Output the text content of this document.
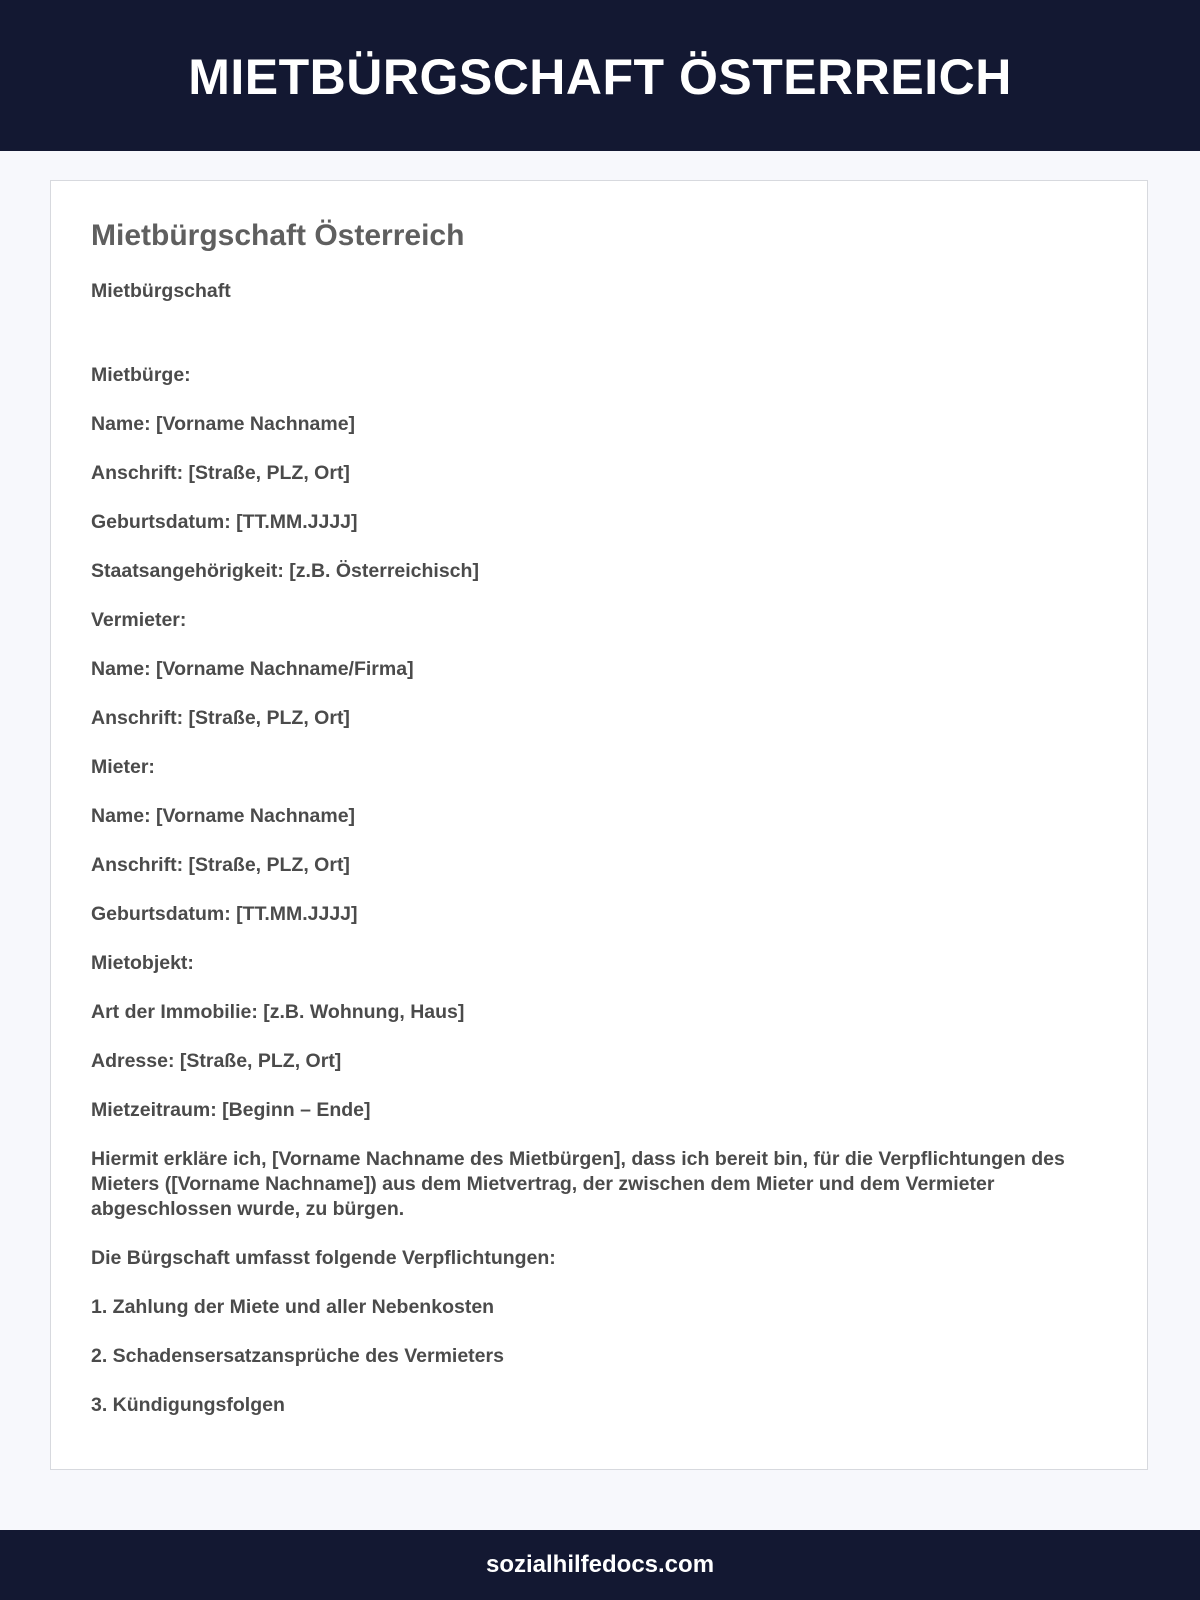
MIETBÜRGSCHAFT ÖSTERREICH
Mietbürgschaft Österreich

Mietbürgschaft

Mietbürge:

Name: [Vorname Nachname]

Anschrift: [Straße, PLZ, Ort]

Geburtsdatum: [TT.MM.JJJJ]

Staatsangehörigkeit: [z.B. Österreichisch]

Vermieter:

Name: [Vorname Nachname/Firma]

Anschrift: [Straße, PLZ, Ort]

Mieter:

Name: [Vorname Nachname]

Anschrift: [Straße, PLZ, Ort]

Geburtsdatum: [TT.MM.JJJJ]

Mietobjekt:

Art der Immobilie: [z.B. Wohnung, Haus]

Adresse: [Straße, PLZ, Ort]

Mietzeitraum: [Beginn – Ende]

Hiermit erkläre ich, [Vorname Nachname des Mietbürgen], dass ich bereit bin, für die Verpflichtungen des Mieters ([Vorname Nachname]) aus dem Mietvertrag, der zwischen dem Mieter und dem Vermieter abgeschlossen wurde, zu bürgen.

Die Bürgschaft umfasst folgende Verpflichtungen:

1. Zahlung der Miete und aller Nebenkosten

2. Schadensersatzansprüche des Vermieters

3. Kündigungsfolgen

sozialhilfedocs.com
